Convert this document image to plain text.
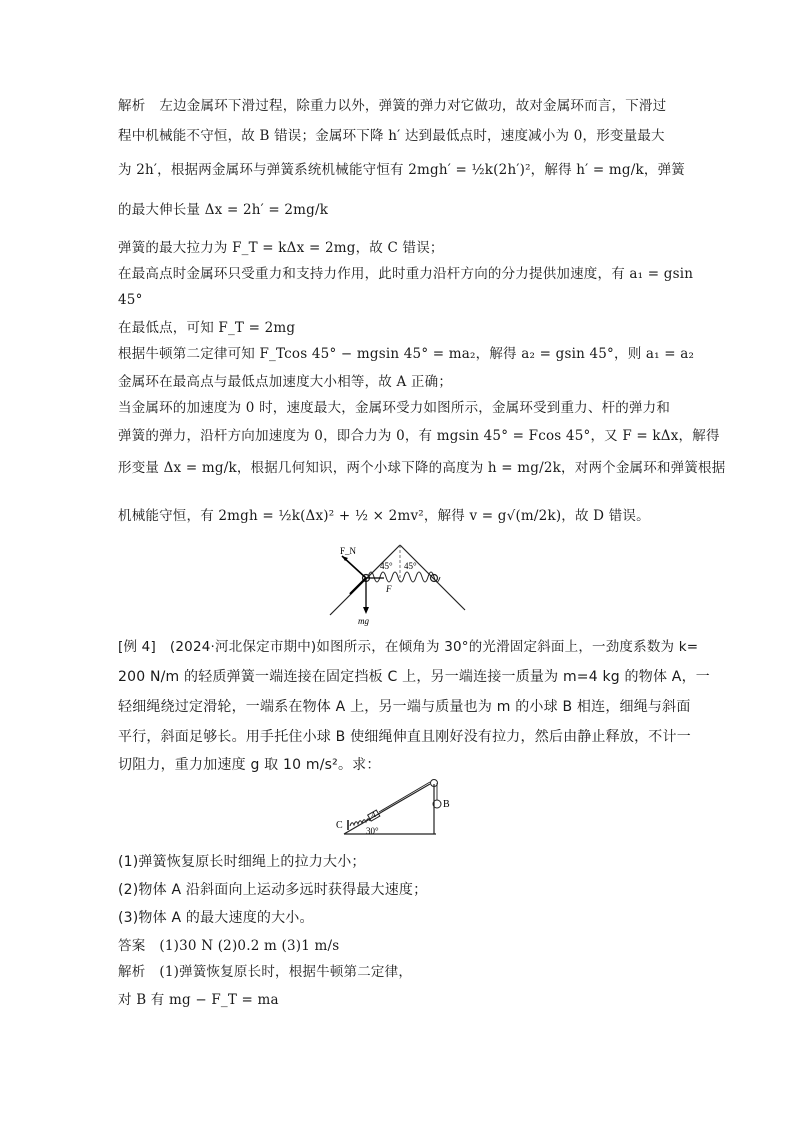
解析 左边金属环下滑过程，除重力以外，弹簧的弹力对它做功，故对金属环而言，下滑过
程中机械能不守恒，故 B 错误；金属环下降 h′ 达到最低点时，速度减小为 0，形变量最大
为 2h′，根据两金属环与弹簧系统机械能守恒有 2mgh′ = ½k(2h′)²，解得 h′ = mg/k，弹簧
的最大伸长量 Δx = 2h′ = 2mg/k
弹簧的最大拉力为 F_T = kΔx = 2mg，故 C 错误；
在最高点时金属环只受重力和支持力作用，此时重力沿杆方向的分力提供加速度，有 a₁ = gsin
45°
在最低点，可知 F_T = 2mg
根据牛顿第二定律可知 F_Tcos 45° − mgsin 45° = ma₂，解得 a₂ = gsin 45°，则 a₁ = a₂
金属环在最高点与最低点加速度大小相等，故 A 正确；
当金属环的加速度为 0 时，速度最大，金属环受力如图所示，金属环受到重力、杆的弹力和
弹簧的弹力，沿杆方向加速度为 0，即合力为 0，有 mgsin 45° = Fcos 45°，又 F = kΔx，解得
形变量 Δx = mg/k，根据几何知识，两个小球下降的高度为 h = mg/2k，对两个金属环和弹簧根据
机械能守恒，有 2mgh = ½k(Δx)² + ½ × 2mv²，解得 v = g√(m/2k)，故 D 错误。
F_N
45° 45°
F
mg
[例 4] (2024·河北保定市期中)如图所示，在倾角为 30°的光滑固定斜面上，一劲度系数为 k=
200 N/m 的轻质弹簧一端连接在固定挡板 C 上，另一端连接一质量为 m=4 kg 的物体 A，一
轻细绳绕过定滑轮，一端系在物体 A 上，另一端与质量也为 m 的小球 B 相连，细绳与斜面
平行，斜面足够长。用手托住小球 B 使细绳伸直且刚好没有拉力，然后由静止释放，不计一
切阻力，重力加速度 g 取 10 m/s²。求：
C
A
30°
B
(1)弹簧恢复原长时细绳上的拉力大小；
(2)物体 A 沿斜面向上运动多远时获得最大速度；
(3)物体 A 的最大速度的大小。
答案 (1)30 N (2)0.2 m (3)1 m/s
解析 (1)弹簧恢复原长时，根据牛顿第二定律，
对 B 有 mg − F_T = ma
